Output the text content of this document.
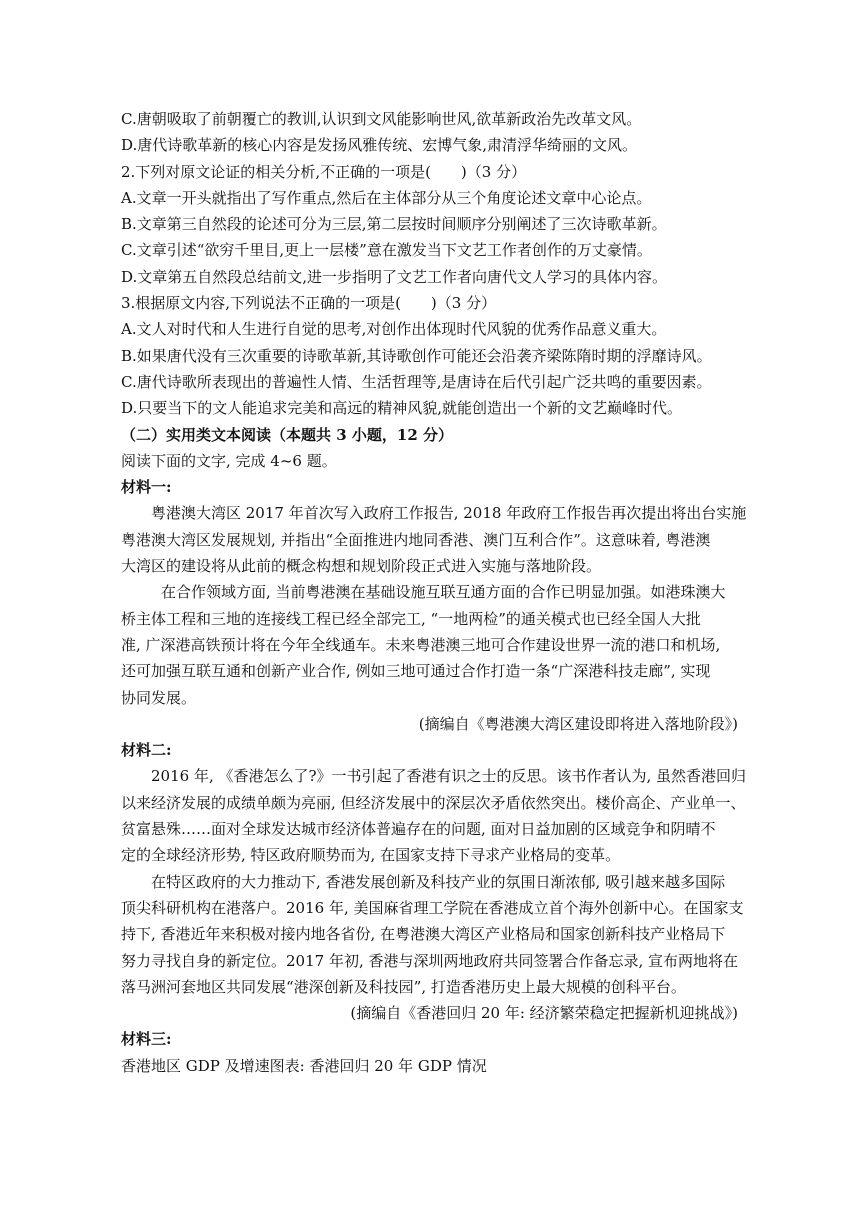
C.唐朝吸取了前朝覆亡的教训,认识到文风能影响世风,欲革新政治先改革文风。

D.唐代诗歌革新的核心内容是发扬风雅传统、宏博气象,肃清浮华绮丽的文风。

2.下列对原文论证的相关分析,不正确的一项是(　　)（3 分）

A.文章一开头就指出了写作重点,然后在主体部分从三个角度论述文章中心论点。

B.文章第三自然段的论述可分为三层,第二层按时间顺序分别阐述了三次诗歌革新。

C.文章引述“欲穷千里目,更上一层楼”意在激发当下文艺工作者创作的万丈豪情。

D.文章第五自然段总结前文,进一步指明了文艺工作者向唐代文人学习的具体内容。

3.根据原文内容,下列说法不正确的一项是(　　)（3 分）

A.文人对时代和人生进行自觉的思考,对创作出体现时代风貌的优秀作品意义重大。

B.如果唐代没有三次重要的诗歌革新,其诗歌创作可能还会沿袭齐梁陈隋时期的浮靡诗风。

C.唐代诗歌所表现出的普遍性人情、生活哲理等,是唐诗在后代引起广泛共鸣的重要因素。

D.只要当下的文人能追求完美和高远的精神风貌,就能创造出一个新的文艺巅峰时代。

（二）实用类文本阅读（本题共 3 小题，12 分）

阅读下面的文字, 完成 4~6 题。

材料一:

粤港澳大湾区 2017 年首次写入政府工作报告, 2018 年政府工作报告再次提出将出台实施

粤港澳大湾区发展规划, 并指出“全面推进内地同香港、澳门互利合作”。这意味着, 粤港澳

大湾区的建设将从此前的概念构想和规划阶段正式进入实施与落地阶段。

在合作领域方面, 当前粤港澳在基础设施互联互通方面的合作已明显加强。如港珠澳大

桥主体工程和三地的连接线工程已经全部完工, “一地两检”的通关模式也已经全国人大批

准, 广深港高铁预计将在今年全线通车。未来粤港澳三地可合作建设世界一流的港口和机场,

还可加强互联互通和创新产业合作, 例如三地可通过合作打造一条“广深港科技走廊”, 实现

协同发展。

(摘编自《粤港澳大湾区建设即将进入落地阶段》)

材料二:

2016 年, 《香港怎么了?》一书引起了香港有识之士的反思。该书作者认为, 虽然香港回归

以来经济发展的成绩单颇为亮丽, 但经济发展中的深层次矛盾依然突出。楼价高企、产业单一、

贫富悬殊……面对全球发达城市经济体普遍存在的问题, 面对日益加剧的区域竞争和阴晴不

定的全球经济形势, 特区政府顺势而为, 在国家支持下寻求产业格局的变革。

在特区政府的大力推动下, 香港发展创新及科技产业的氛围日渐浓郁, 吸引越来越多国际

顶尖科研机构在港落户。2016 年, 美国麻省理工学院在香港成立首个海外创新中心。在国家支

持下, 香港近年来积极对接内地各省份, 在粤港澳大湾区产业格局和国家创新科技产业格局下

努力寻找自身的新定位。2017 年初, 香港与深圳两地政府共同签署合作备忘录, 宣布两地将在

落马洲河套地区共同发展“港深创新及科技园”, 打造香港历史上最大规模的创科平台。

(摘编自《香港回归 20 年: 经济繁荣稳定把握新机迎挑战》)

材料三:

香港地区 GDP 及增速图表: 香港回归 20 年 GDP 情况
